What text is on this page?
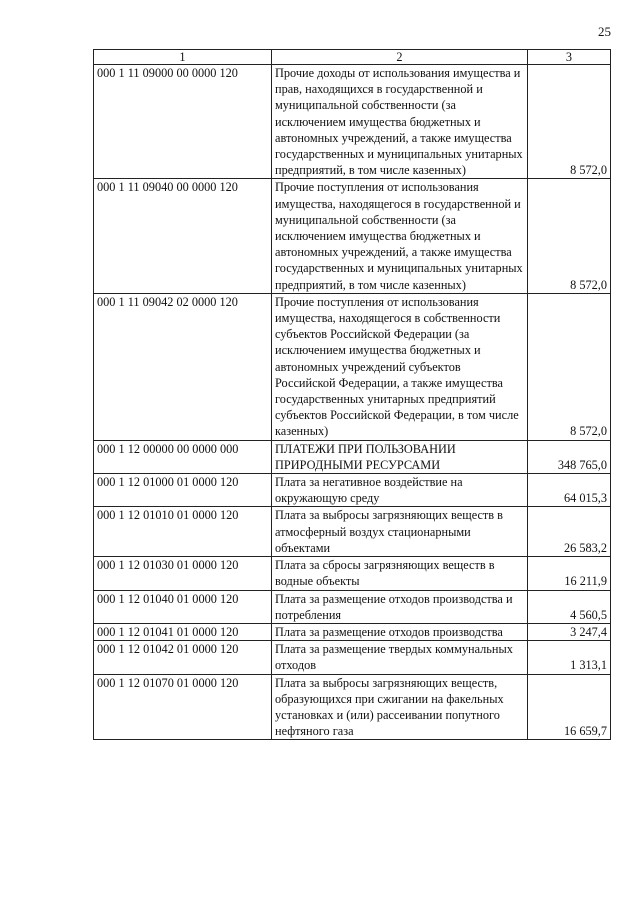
25
1	2	3
000 1 11 09000 00 0000 120	Прочие доходы от использования имущества и прав, находящихся в государственной и муниципальной собственности (за исключением имущества бюджетных и автономных учреждений, а также имущества государственных и муниципальных унитарных предприятий, в том числе казенных)	8 572,0
000 1 11 09040 00 0000 120	Прочие поступления от использования имущества, находящегося в государственной и муниципальной собственности (за исключением имущества бюджетных и автономных учреждений, а также имущества государственных и муниципальных унитарных предприятий, в том числе казенных)	8 572,0
000 1 11 09042 02 0000 120	Прочие поступления от использования имущества, находящегося в собственности субъектов Российской Федерации (за исключением имущества бюджетных и автономных учреждений субъектов Российской Федерации, а также имущества государственных унитарных предприятий субъектов Российской Федерации, в том числе казенных)	8 572,0
000 1 12 00000 00 0000 000	ПЛАТЕЖИ ПРИ ПОЛЬЗОВАНИИ ПРИРОДНЫМИ РЕСУРСАМИ	348 765,0
000 1 12 01000 01 0000 120	Плата за негативное воздействие на окружающую среду	64 015,3
000 1 12 01010 01 0000 120	Плата за выбросы загрязняющих веществ в атмосферный воздух стационарными объектами	26 583,2
000 1 12 01030 01 0000 120	Плата за сбросы загрязняющих веществ в водные объекты	16 211,9
000 1 12 01040 01 0000 120	Плата за размещение отходов производства и потребления	4 560,5
000 1 12 01041 01 0000 120	Плата за размещение отходов производства	3 247,4
000 1 12 01042 01 0000 120	Плата за размещение твердых коммунальных отходов	1 313,1
000 1 12 01070 01 0000 120	Плата за выбросы загрязняющих веществ, образующихся при сжигании на факельных установках и (или) рассеивании попутного нефтяного газа	16 659,7
